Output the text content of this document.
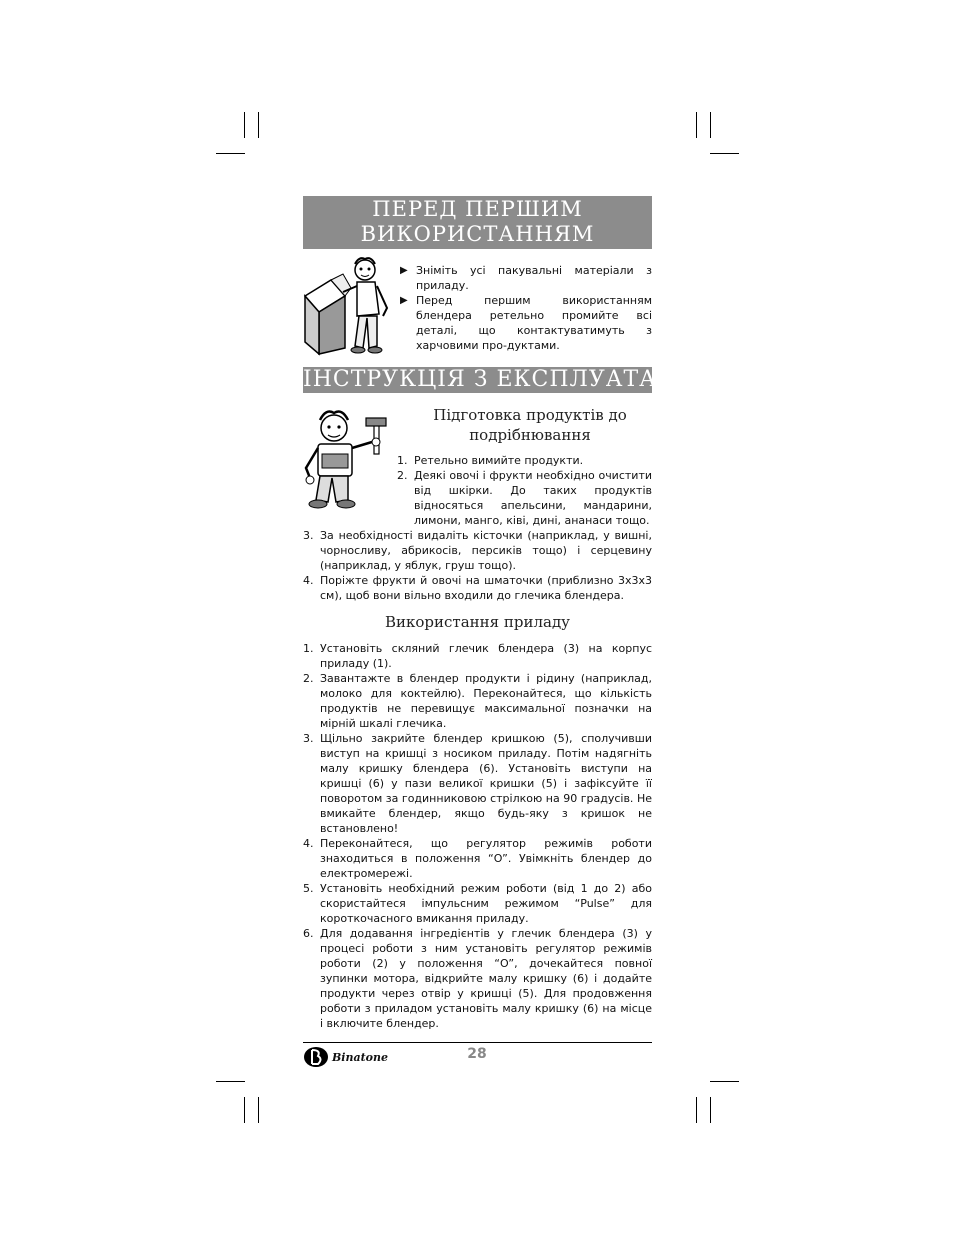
ПЕРЕД ПЕРШИМ ВИКОРИСТАННЯМ
▶ Зніміть усі пакувальні матеріали з приладу.
▶ Перед першим використанням блендера ретельно промийте всі деталі, що контактуватимуть з харчовими про-дуктами.
ІНСТРУКЦІЯ З ЕКСПЛУАТАЦІЇ
Підготовка продуктів до подрібнювання
1. Ретельно вимийте продукти.
2. Деякі овочі і фрукти необхідно очистити від шкірки. До таких продуктів відносяться апельсини, мандарини, лимони, манго, ківі, дині, ананаси тощо.
3. За необхідності видаліть кісточки (наприклад, у вишні, чорносливу, абрикосів, персиків тощо) і серцевину (наприклад, у яблук, груш тощо).
4. Поріжте фрукти й овочі на шматочки (приблизно 3х3х3 см), щоб вони вільно входили до глечика блендера.
Використання приладу
1. Установіть скляний глечик блендера (3) на корпус приладу (1).
2. Завантажте в блендер продукти і рідину (наприклад, молоко для коктейлю). Переконайтеся, що кількість продуктів не перевищує максимальної позначки на мірній шкалі глечика.
3. Щільно закрийте блендер кришкою (5), сполучивши виступ на кришці з носиком приладу. Потім надягніть малу кришку блендера (6). Установіть виступи на кришці (6) у пази великої кришки (5) і зафіксуйте її поворотом за годинниковою стрілкою на 90 градусів. Не вмикайте блендер, якщо будь-яку з кришок не встановлено!
4. Переконайтеся, що регулятор режимів роботи знаходиться в положення “O”. Увімкніть блендер до електромережі.
5. Установіть необхідний режим роботи (від 1 до 2) або скористайтеся імпульсним режимом “Pulse” для короткочасного вмикання приладу.
6. Для додавання інгредієнтів у глечик блендера (3) у процесі роботи з ним установіть регулятор режимів роботи (2) у положення “O”, дочекайтеся повної зупинки мотора, відкрийте малу кришку (6) і додайте продукти через отвір у кришці (5). Для продовження роботи з приладом установіть малу кришку (6) на місце і включите блендер.
Binatone	28
